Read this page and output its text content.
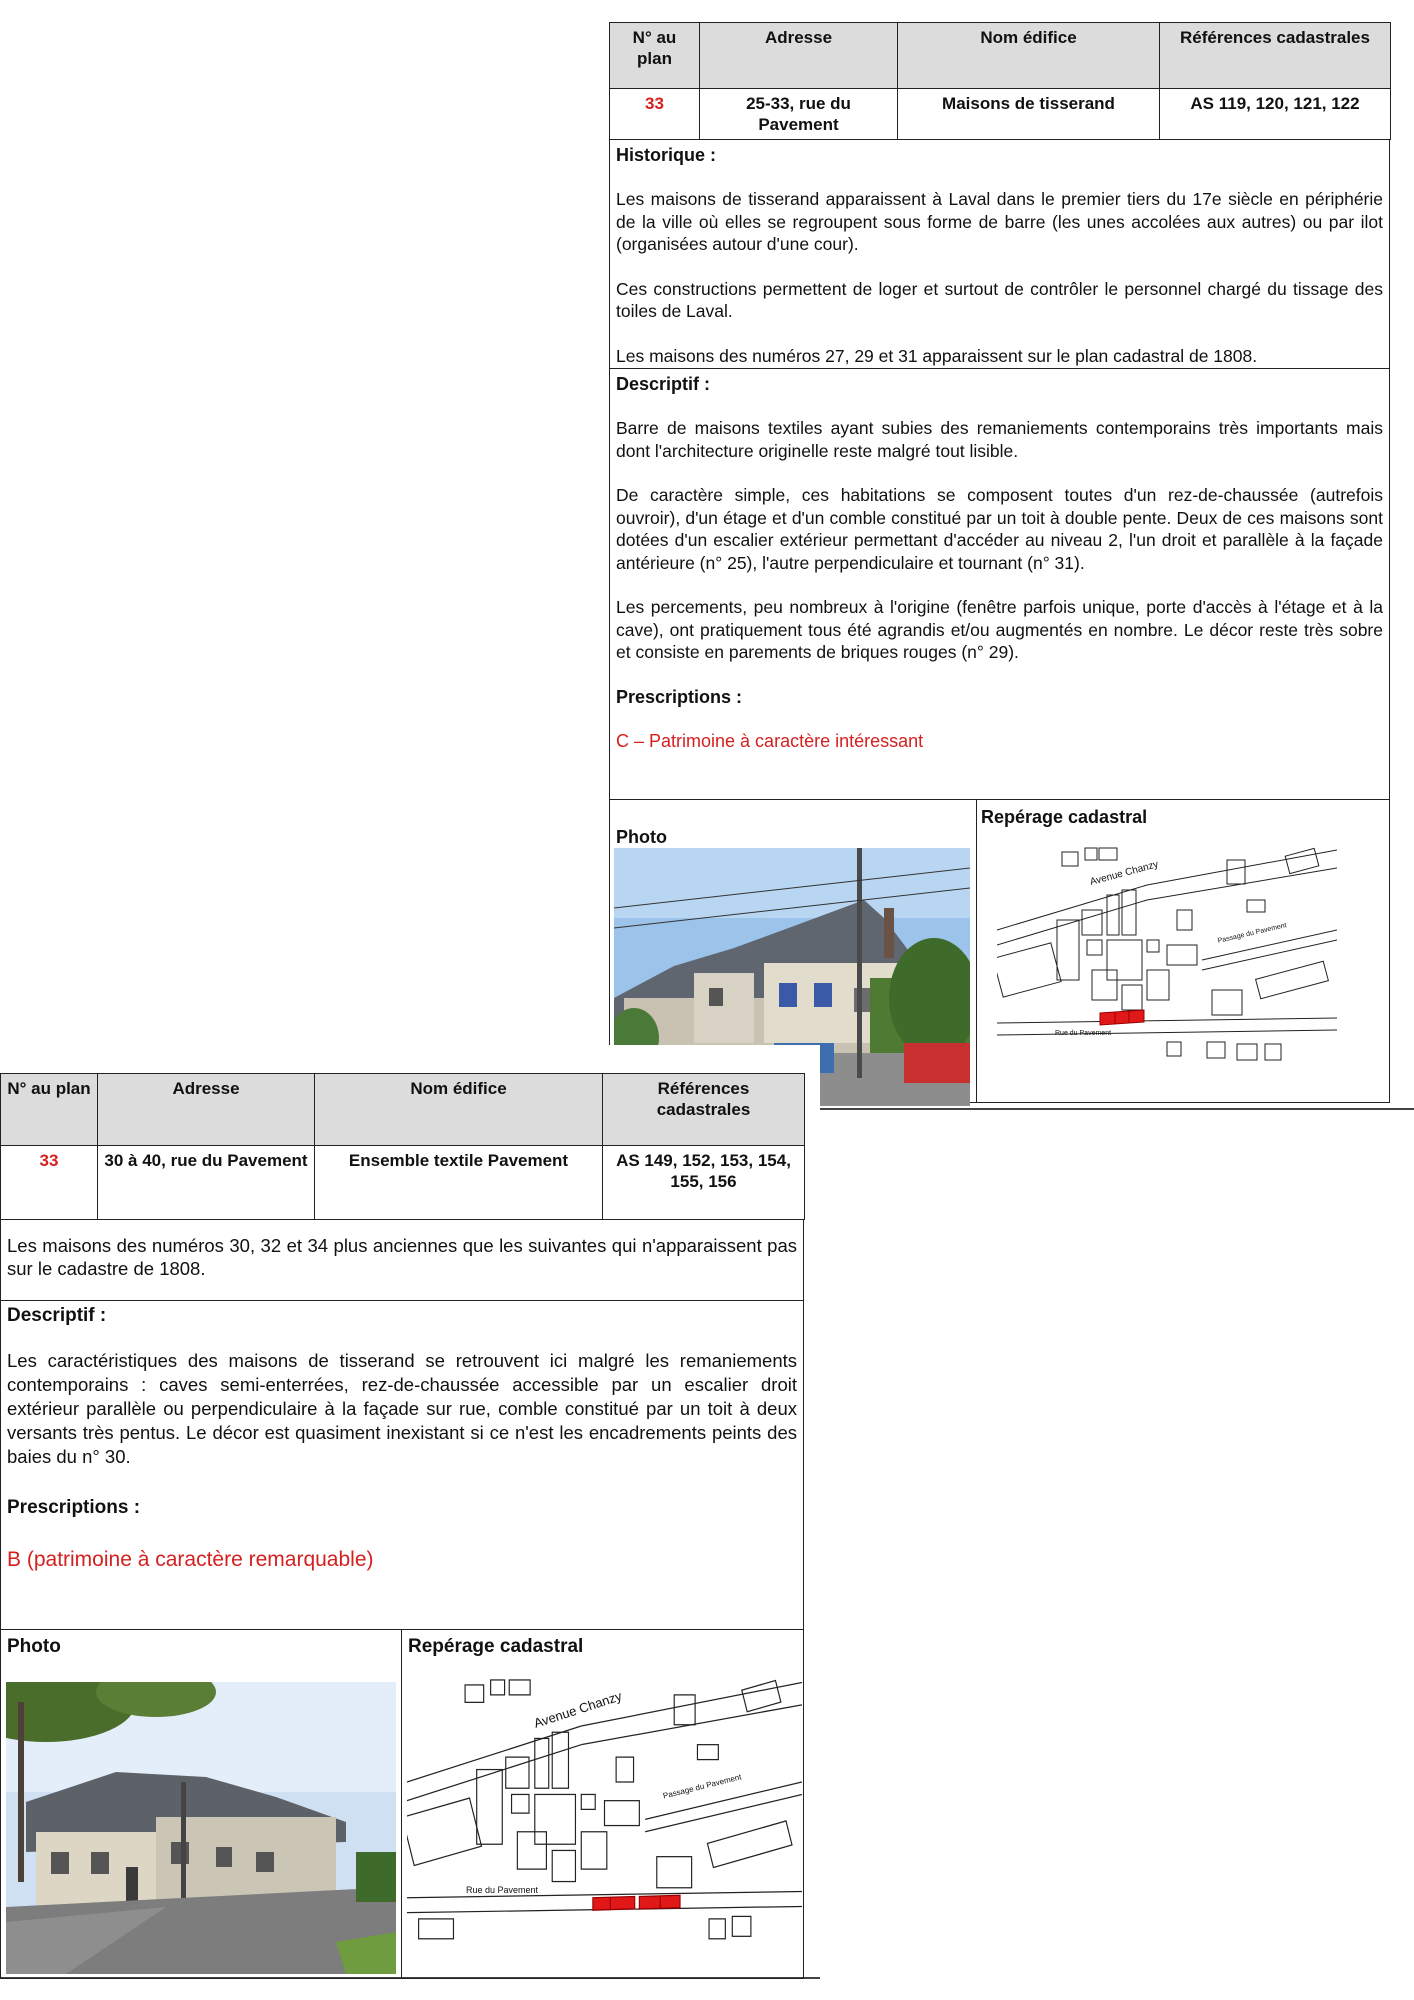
N° au plan	Adresse	Nom édifice	Références cadastrales
33	25-33, rue du Pavement	Maisons de tisserand	AS 119, 120, 121, 122
Historique :

Les maisons de tisserand apparaissent à Laval dans le premier tiers du 17e siècle en périphérie de la ville où elles se regroupent sous forme de barre (les unes accolées aux autres) ou par ilot (organisées autour d'une cour).

Ces constructions permettent de loger et surtout de contrôler le personnel chargé du tissage des toiles de Laval.

Les maisons des numéros 27, 29 et 31 apparaissent sur le plan cadastral de 1808.

Descriptif :

Barre de maisons textiles ayant subies des remaniements contemporains très importants mais dont l'architecture originelle reste malgré tout lisible.

De caractère simple, ces habitations se composent toutes d'un rez-de-chaussée (autrefois ouvroir), d'un étage et d'un comble constitué par un toit à double pente. Deux de ces maisons sont dotées d'un escalier extérieur permettant d'accéder au niveau 2, l'un droit et parallèle à la façade antérieure (n° 25), l'autre perpendiculaire et tournant (n° 31).

Les percements, peu nombreux à l'origine (fenêtre parfois unique, porte d'accès à l'étage et à la cave), ont pratiquement tous été agrandis et/ou augmentés en nombre. Le décor reste très sobre et consiste en parements de briques rouges (n° 29).

Prescriptions :
C – Patrimoine à caractère intéressant
Photo
Repérage cadastral
Avenue Chanzy
Passage du Pavement
Rue du Pavement
N° au plan	Adresse	Nom édifice	Références cadastrales
33	30 à 40, rue du Pavement	Ensemble textile Pavement	AS 149, 152, 153, 154, 155, 156

Les maisons des numéros 30, 32 et 34 plus anciennes que les suivantes qui n'apparaissent pas sur le cadastre de 1808.

Descriptif :

Les caractéristiques des maisons de tisserand se retrouvent ici malgré les remaniements contemporains : caves semi-enterrées, rez-de-chaussée accessible par un escalier droit extérieur parallèle ou perpendiculaire à la façade sur rue, comble constitué par un toit à deux versants très pentus. Le décor est quasiment inexistant si ce n'est les encadrements peints des baies du n° 30.

Prescriptions :
B (patrimoine à caractère remarquable)
Photo	Repérage cadastral
Avenue Chanzy
Passage du Pavement
Rue du Pavement
